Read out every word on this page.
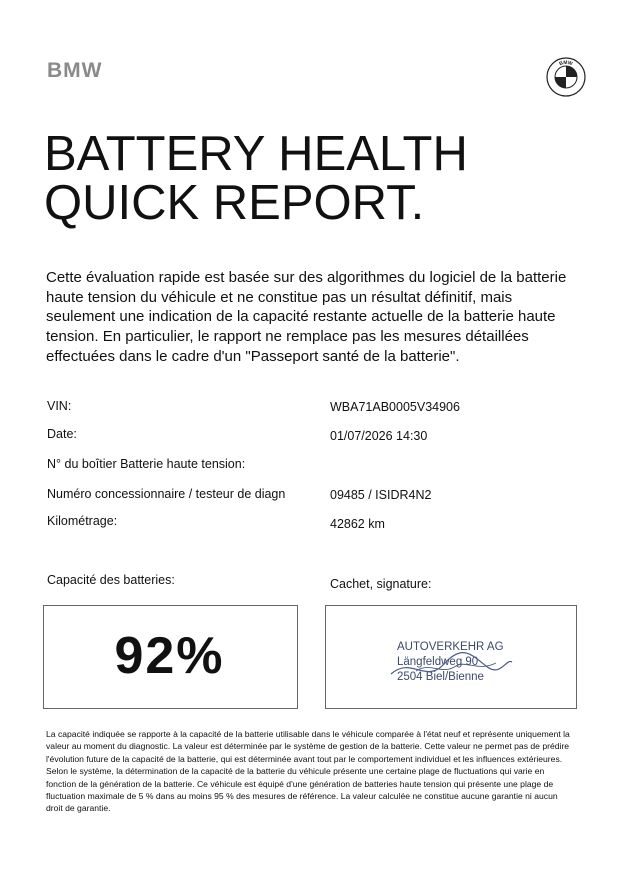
BMW	BMW
BATTERY HEALTH
QUICK REPORT.

Cette évaluation rapide est basée sur des algorithmes du logiciel de la batterie haute tension du véhicule et ne constitue pas un résultat définitif, mais seulement une indication de la capacité restante actuelle de la batterie haute tension. En particulier, le rapport ne remplace pas les mesures détaillées effectuées dans le cadre d'un "Passeport santé de la batterie".

VIN:	WBA71AB0005V34906
Date:	01/07/2026 14:30
N° du boîtier Batterie haute tension:
Numéro concessionnaire / testeur de diagn	09485 / ISIDR4N2
Kilométrage:	42862 km
Capacité des batteries:
92%
Cachet, signature:
AUTOVERKEHR AG
Längfeldweg 90
2504 Biel/Bienne

La capacité indiquée se rapporte à la capacité de la batterie utilisable dans le véhicule comparée à l'état neuf et représente uniquement la valeur au moment du diagnostic. La valeur est déterminée par le système de gestion de la batterie. Cette valeur ne permet pas de prédire l'évolution future de la capacité de la batterie, qui est déterminée avant tout par le comportement individuel et les influences extérieures. Selon le système, la détermination de la capacité de la batterie du véhicule présente une certaine plage de fluctuations qui varie en fonction de la génération de la batterie. Ce véhicule est équipé d'une génération de batteries haute tension qui présente une plage de fluctuation maximale de 5 % dans au moins 95 % des mesures de référence. La valeur calculée ne constitue aucune garantie ni aucun droit de garantie.
